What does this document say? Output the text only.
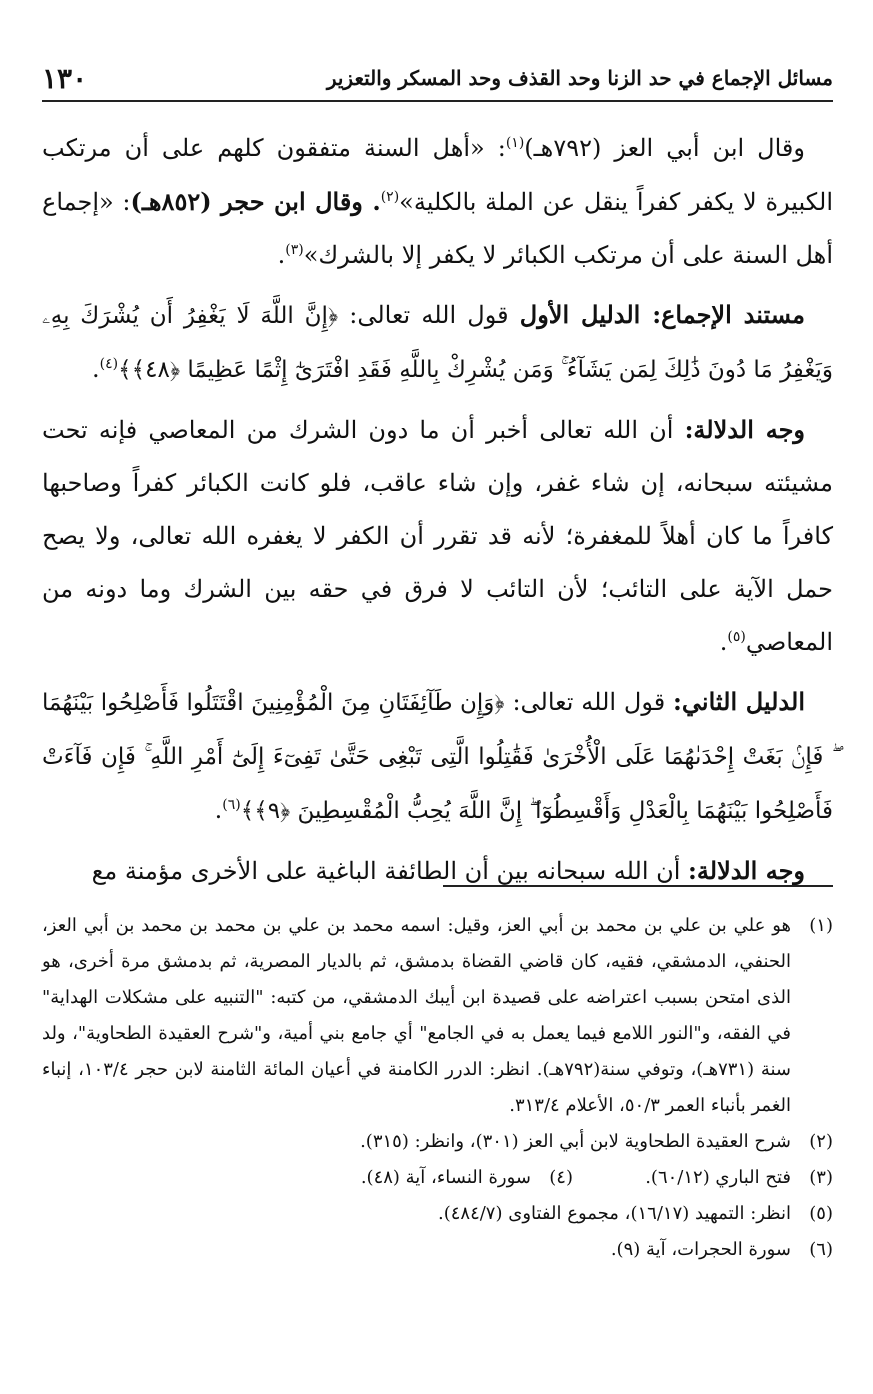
مسائل الإجماع في حد الزنا وحد القذف وحد المسكر والتعزير
١٣٠

وقال ابن أبي العز (٧٩٢هـ)$^{(١)}$: «أهل السنة متفقون كلهم على أن مرتكب الكبيرة لا يكفر كفراً ينقل عن الملة بالكلية»$^{(٢)}$. وقال ابن حجر (٨٥٢هـ): «إجماع أهل السنة على أن مرتكب الكبائر لا يكفر إلا بالشرك»$^{(٣)}$.

مستند الإجماع: الدليل الأول قول الله تعالى: ﴿إِنَّ اللَّهَ لَا يَغْفِرُ أَن يُشْرَكَ بِهِۦ وَيَغْفِرُ مَا دُونَ ذَٰلِكَ لِمَن يَشَآءُ ۚ وَمَن يُشْرِكْ بِاللَّهِ فَقَدِ افْتَرَىٰٓ إِثْمًا عَظِيمًا ﴿٤٨﴾﴾$^{(٤)}$.

وجه الدلالة: أن الله تعالى أخبر أن ما دون الشرك من المعاصي فإنه تحت مشيئته سبحانه، إن شاء غفر، وإن شاء عاقب، فلو كانت الكبائر كفراً وصاحبها كافراً ما كان أهلاً للمغفرة؛ لأنه قد تقرر أن الكفر لا يغفره الله تعالى، ولا يصح حمل الآية على التائب؛ لأن التائب لا فرق في حقه بين الشرك وما دونه من المعاصي$^{(٥)}$.

الدليل الثاني: قول الله تعالى: ﴿وَإِن طَآئِفَتَانِ مِنَ الْمُؤْمِنِينَ اقْتَتَلُوا فَأَصْلِحُوا بَيْنَهُمَا ۖ فَإِنۢ بَغَتْ إِحْدَىٰهُمَا عَلَى الْأُخْرَىٰ فَقَٰتِلُوا الَّتِى تَبْغِى حَتَّىٰ تَفِىٓءَ إِلَىٰٓ أَمْرِ اللَّهِ ۚ فَإِن فَآءَتْ فَأَصْلِحُوا بَيْنَهُمَا بِالْعَدْلِ وَأَقْسِطُوٓا ۖ إِنَّ اللَّهَ يُحِبُّ الْمُقْسِطِينَ ﴿٩﴾﴾$^{(٦)}$.

وجه الدلالة: أن الله سبحانه بين أن الطائفة الباغية على الأخرى مؤمنة مع

(١)
هو علي بن علي بن محمد بن أبي العز، وقيل: اسمه محمد بن علي بن محمد بن محمد بن أبي العز، الحنفي، الدمشقي، فقيه، كان قاضي القضاة بدمشق، ثم بالديار المصرية، ثم بدمشق مرة أخرى، هو الذى امتحن بسبب اعتراضه على قصيدة ابن أيبك الدمشقي، من كتبه: "التنبيه على مشكلات الهداية" في الفقه، و"النور اللامع فيما يعمل به في الجامع" أي جامع بني أمية، و"شرح العقيدة الطحاوية"، ولد سنة (٧٣١هـ)، وتوفي سنة(٧٩٢هـ). انظر: الدرر الكامنة في أعيان المائة الثامنة لابن حجر ١٠٣/٤، إنباء الغمر بأنباء العمر ٥٠/٣، الأعلام ٣١٣/٤.
(٢)
شرح العقيدة الطحاوية لابن أبي العز (٣٠١)، وانظر: (٣١٥).
(٣)
فتح الباري (٦٠/١٢).
(٤)
سورة النساء، آية (٤٨).
(٥)
انظر: التمهيد (١٦/١٧)، مجموع الفتاوى (٤٨٤/٧).
(٦)
سورة الحجرات، آية (٩).
